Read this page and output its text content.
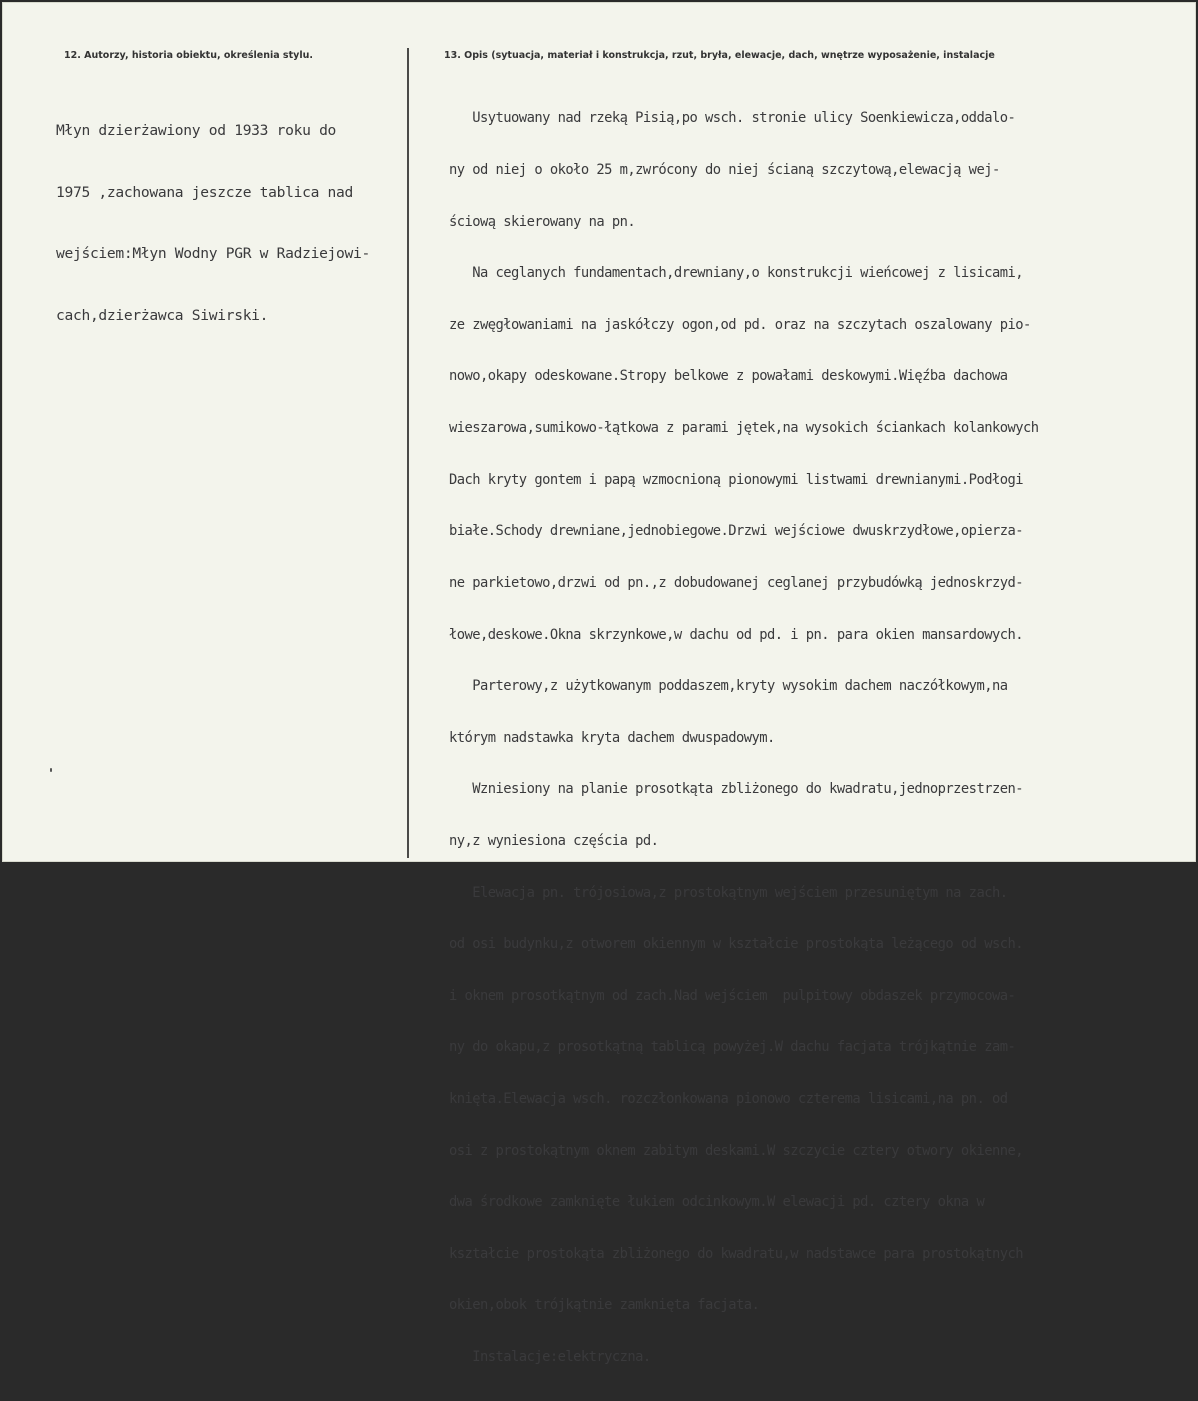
12. Autorzy, historia obiektu, określenia stylu.	13. Opis (sytuacja, materiał i konstrukcja, rzut, bryła, elewacje, dach, wnętrze wyposażenie, instalacje

Młyn dzierżawiony od 1933 roku do

1975 ,zachowana jeszcze tablica nad

wejściem:Młyn Wodny PGR w Radziejowi-

cach,dzierżawca Siwirski.

Usytuowany nad rzeką Pisią,po wsch. stronie ulicy Soenkiewicza,oddalo-

ny od niej o około 25 m,zwrócony do niej ścianą szczytową,elewacją wej-

ściową skierowany na pn.

Na ceglanych fundamentach,drewniany,o konstrukcji wieńcowej z lisicami,

ze zwęgłowaniami na jaskółczy ogon,od pd. oraz na szczytach oszalowany pio-

nowo,okapy odeskowane.Stropy belkowe z powałami deskowymi.Więźba dachowa

wieszarowa,sumikowo-łątkowa z parami jętek,na wysokich ściankach kolankowych

Dach kryty gontem i papą wzmocnioną pionowymi listwami drewnianymi.Podłogi

białe.Schody drewniane,jednobiegowe.Drzwi wejściowe dwuskrzydłowe,opierza-

ne parkietowo,drzwi od pn.,z dobudowanej ceglanej przybudówką jednoskrzyd-

łowe,deskowe.Okna skrzynkowe,w dachu od pd. i pn. para okien mansardowych.

Parterowy,z użytkowanym poddaszem,kryty wysokim dachem naczółkowym,na

którym nadstawka kryta dachem dwuspadowym.

Wzniesiony na planie prosotkąta zbliżonego do kwadratu,jednoprzestrzen-

ny,z wyniesiona częścia pd.

Elewacja pn. trójosiowa,z prostokątnym wejściem przesuniętym na zach.

od osi budynku,z otworem okiennym w kształcie prostokąta leżącego od wsch.

i oknem prosotkątnym od zach.Nad wejściem  pulpitowy obdaszek przymocowa-

ny do okapu,z prosotkątną tablicą powyżej.W dachu facjata trójkątnie zam-

knięta.Elewacja wsch. rozczłonkowana pionowo czterema lisicami,na pn. od

osi z prostokątnym oknem zabitym deskami.W szczycie cztery otwory okienne,

dwa środkowe zamknięte łukiem odcinkowym.W elewacji pd. cztery okna w

kształcie prostokąta zbliżonego do kwadratu,w nadstawce para prostokątnych

okien,obok trójkątnie zamknięta facjata.

Instalacje:elektryczna.
